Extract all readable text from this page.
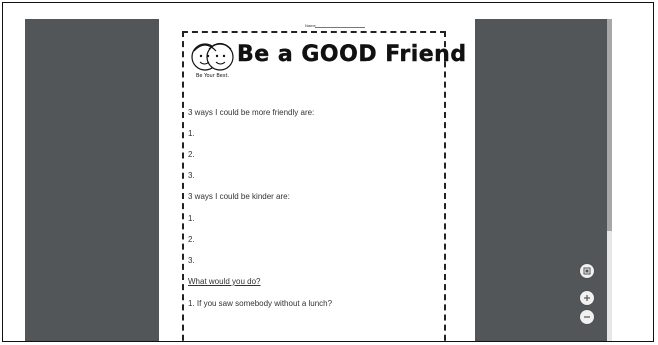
Name
Be Your Best.
Be a GOOD Friend
3 ways I could be more friendly are:
1.
2.
3.
3 ways I could be kinder are:
1.
2.
3.
What would you do?
1. If you saw somebody without a lunch?
